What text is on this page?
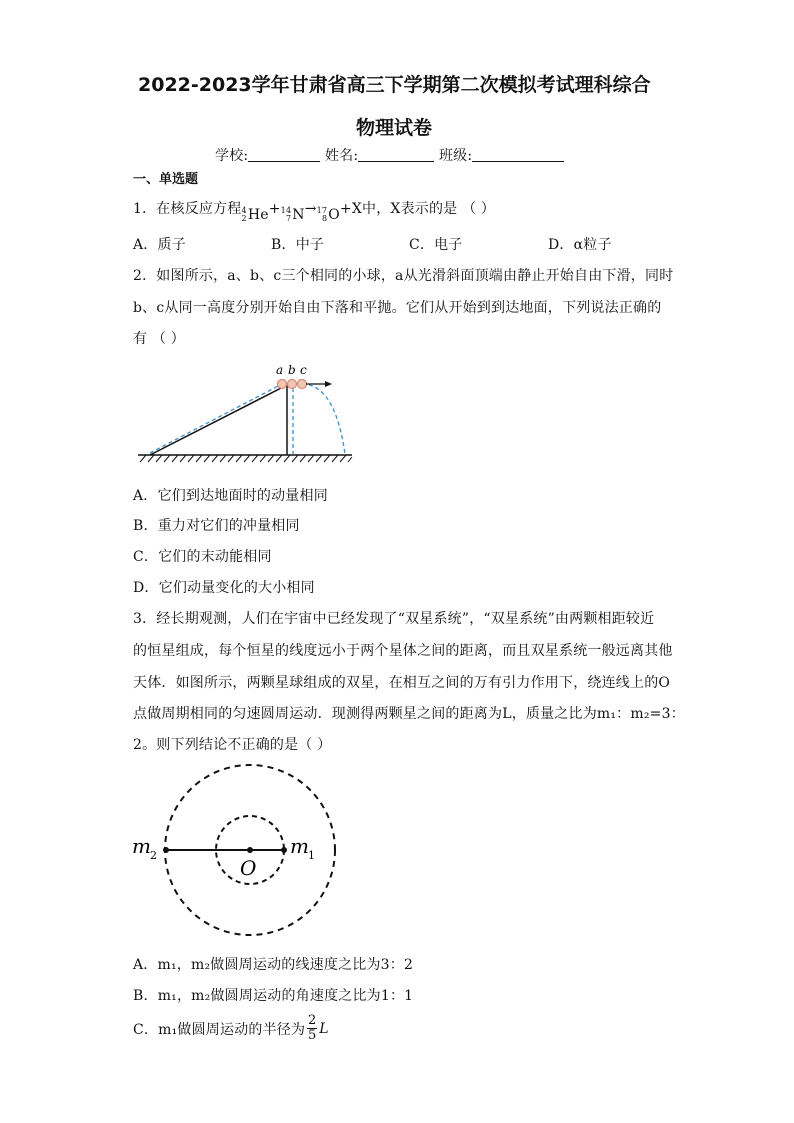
2022-2023学年甘肃省高三下学期第二次模拟考试理科综合
物理试卷
学校:	姓名:	班级:
一、单选题
1．在核反应方程 4
2 He + 14
7 N → 17
8 O +X中，X表示的是 （ ）
A．质子	B．中子	C．电子	D．α粒子
2．如图所示，a、b、c三个相同的小球，a从光滑斜面顶端由静止开始自由下滑，同时
b、c从同一高度分别开始自由下落和平抛。它们从开始到到达地面，下列说法正确的
有 （ ）
a b c
A．它们到达地面时的动量相同
B．重力对它们的冲量相同
C．它们的末动能相同
D．它们动量变化的大小相同
3．经长期观测，人们在宇宙中已经发现了“双星系统”，“双星系统”由两颗相距较近
的恒星组成，每个恒星的线度远小于两个星体之间的距离，而且双星系统一般远离其他
天体．如图所示，两颗星球组成的双星，在相互之间的万有引力作用下，绕连线上的O
点做周期相同的匀速圆周运动．现测得两颗星之间的距离为L，质量之比为m₁：m₂=3：
2。则下列结论不正确的是（ ）
m 2	m 1
O
A．m₁，m₂做圆周运动的线速度之比为3：2
B．m₁，m₂做圆周运动的角速度之比为1：1
C．m₁做圆周运动的半径为 $\frac{2}{5}$ L
